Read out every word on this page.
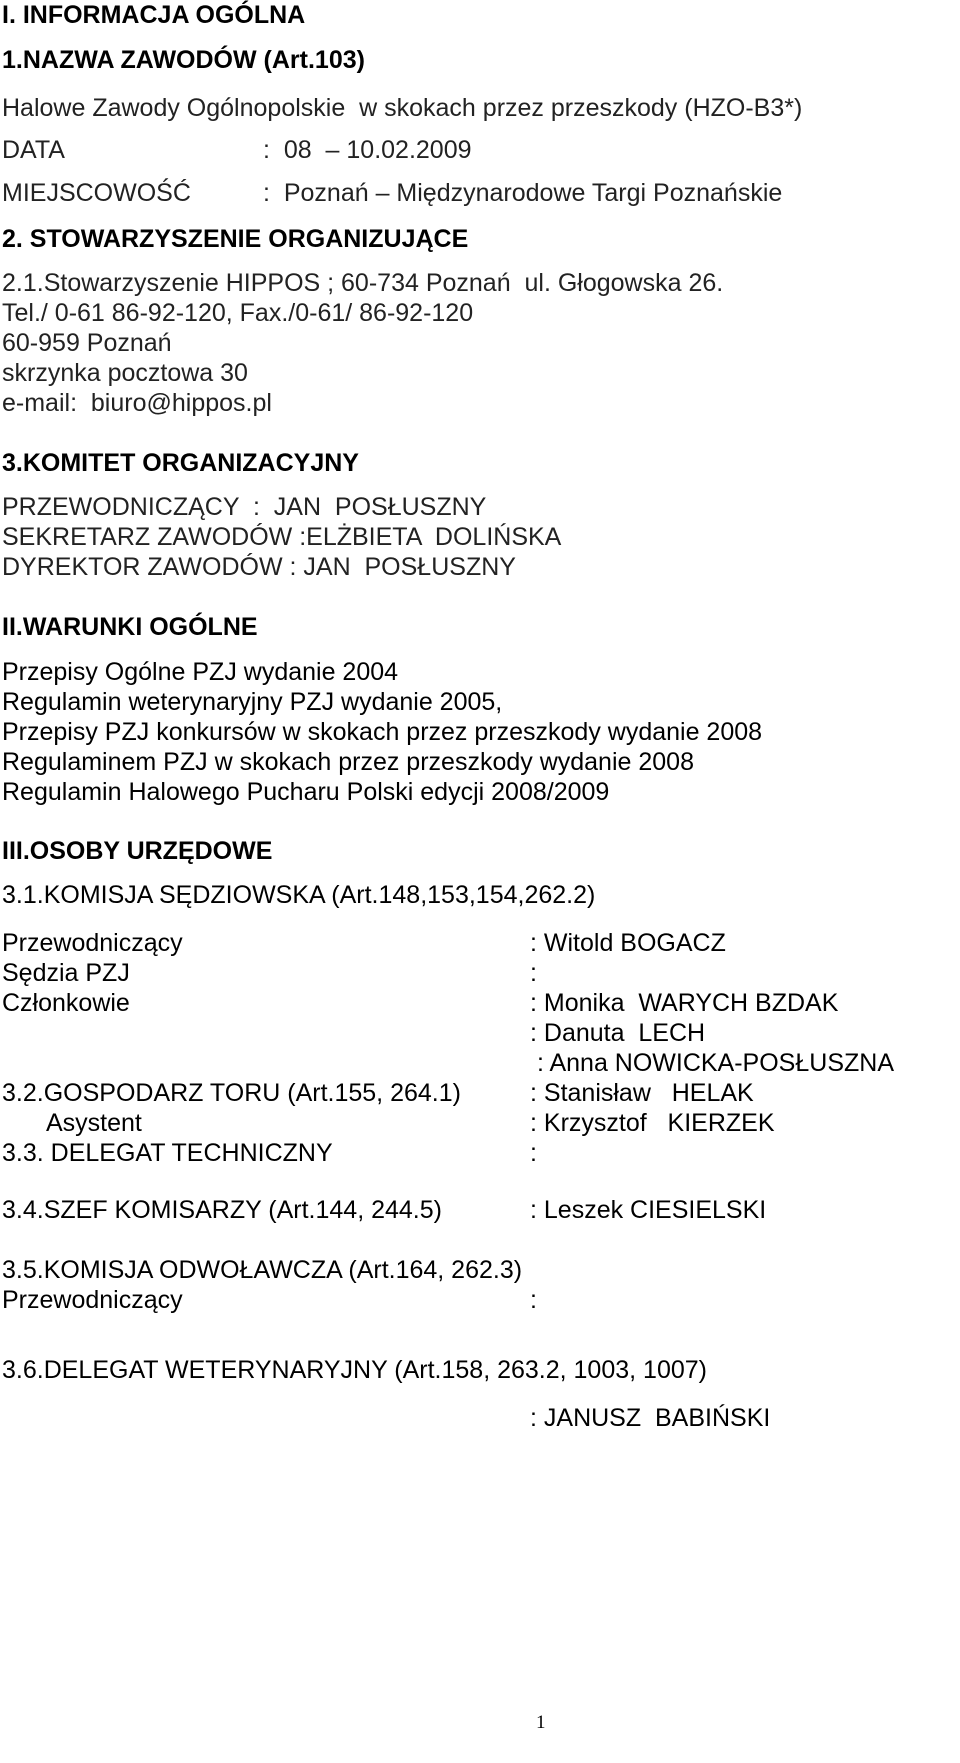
I. INFORMACJA OGÓLNA
1.NAZWA ZAWODÓW (Art.103)
Halowe Zawody Ogólnopolskie  w skokach przez przeszkody (HZO-B3*)
DATA	:  08  – 10.02.2009
MIEJSCOWOŚĆ	:  Poznań – Międzynarodowe Targi Poznańskie
2. STOWARZYSZENIE ORGANIZUJĄCE
2.1.Stowarzyszenie HIPPOS ; 60-734 Poznań  ul. Głogowska 26.
Tel./ 0-61 86-92-120, Fax./0-61/ 86-92-120
60-959 Poznań
skrzynka pocztowa 30
e-mail:  biuro@hippos.pl
3.KOMITET ORGANIZACYJNY
PRZEWODNICZĄCY  :  JAN  POSŁUSZNY
SEKRETARZ ZAWODÓW :ELŻBIETA  DOLIŃSKA
DYREKTOR ZAWODÓW : JAN  POSŁUSZNY
II.WARUNKI OGÓLNE
Przepisy Ogólne PZJ wydanie 2004
Regulamin weterynaryjny PZJ wydanie 2005,
Przepisy PZJ konkursów w skokach przez przeszkody wydanie 2008
Regulaminem PZJ w skokach przez przeszkody wydanie 2008
Regulamin Halowego Pucharu Polski edycji 2008/2009
III.OSOBY URZĘDOWE
3.1.KOMISJA SĘDZIOWSKA (Art.148,153,154,262.2)
Przewodniczący	: Witold BOGACZ
Sędzia PZJ	:
Członkowie	: Monika  WARYCH BZDAK
: Danuta  LECH
: Anna NOWICKA-POSŁUSZNA
3.2.GOSPODARZ TORU (Art.155, 264.1)	: Stanisław   HELAK
Asystent	: Krzysztof   KIERZEK
3.3. DELEGAT TECHNICZNY	:
3.4.SZEF KOMISARZY (Art.144, 244.5)	: Leszek CIESIELSKI
3.5.KOMISJA ODWOŁAWCZA (Art.164, 262.3)
Przewodniczący	:
3.6.DELEGAT WETERYNARYJNY (Art.158, 263.2, 1003, 1007)
: JANUSZ  BABIŃSKI
1
